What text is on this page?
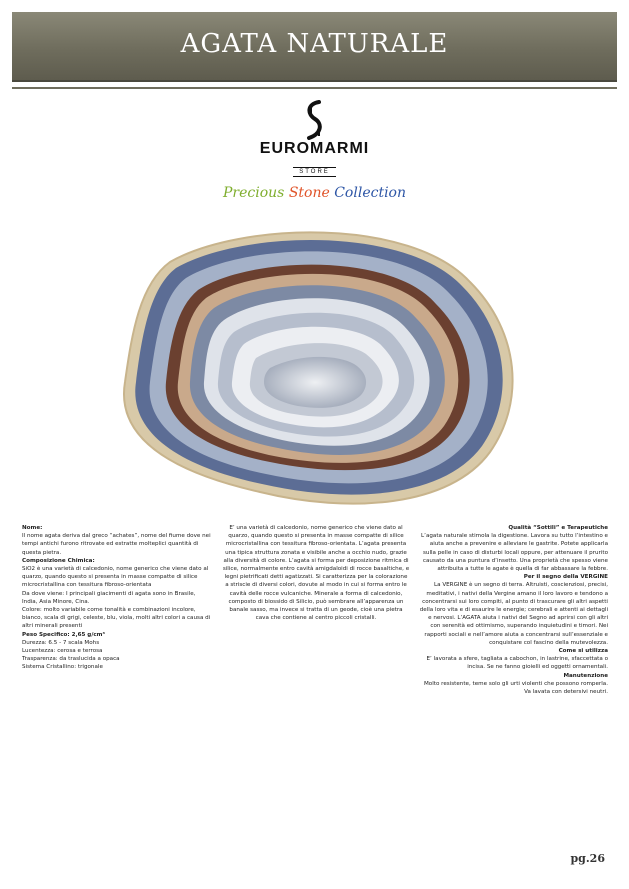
AGATA NATURALE
EUROMARMI
STORE
Precious Stone Collection

Nome:

Il nome agata deriva dal greco “achates”, nome del fiume dove nei tempi antichi furono ritrovate ed estratte molteplici quantità di questa pietra.

Composizione Chimica:

SiO2 è una varietà di calcedonio, nome generico che viene dato al quarzo, quando questo si presenta in masse compatte di silice microcristallina con tessitura fibroso-orientata

Da dove viene: I principali giacimenti di agata sono in Brasile, India, Asia Minore, Cina.

Colore: molto variabile come tonalità e combinazioni incolore, bianco, scala di grigi, celeste, blu, viola, molti altri colori a causa di altri minerali presenti

Peso Specifico: 2,65 g/cm³

Durezza: 6.5 - 7 scala Mohs

Lucentezza: cerosa e terrosa

Trasparenza: da traslucida a opaca

Sistema Cristallino: trigonale

E’ una varietà di calcedonio, nome generico che viene dato al quarzo, quando questo si presenta in masse compatte di silice microcristallina con tessitura fibroso-orientata. L’agata presenta una tipica struttura zonata e visibile anche a occhio nudo, grazie alla diversità di colore. L’agata si forma per deposizione ritmica di silice, normalmente entro cavità amigdaloidi di rocce basaltiche, e legni pietrificati detti agatizzati. Si caratterizza per la colorazione a striscie di diversi colori, dovute al modo in cui si forma entro le cavità delle rocce vulcaniche. Minerale a forma di calcedonio, composto di biossido di Silicio, può sembrare all’apparenza un banale sasso, ma invece si tratta di un geode, cioè una pietra cava che contiene al centro piccoli cristalli.

Qualità “Sottili” e Terapeutiche

L’agata naturale stimola la digestione. Lavora su tutto l’intestino e aiuta anche a prevenire e alleviare le gastrite. Potete applicarla sulla pelle in caso di disturbi locali oppure, per attenuare il prurito causato da una puntura d’insetto. Una proprietà che spesso viene attribuita a tutte le agate è quella di far abbassare la febbre.

Per il segno della VERGINE

La VERGINE è un segno di terra. Altruisti, coscienziosi, precisi, meditativi, i nativi della Vergine amano il loro lavoro e tendono a concentrarsi sui loro compiti, al punto di trascurare gli altri aspetti della loro vita e di esaurire le energie; cerebrali e attenti ai dettagli e nervosi. L’AGATA aiuta i nativi del Segno ad aprirsi con gli altri con serenità ed ottimismo, superando inquietudini e timori. Nei rapporti sociali e nell’amore aiuta a concentrarsi sull’essenziale e conquistare col fascino della mutevolezza.

Come si utilizza

E’ lavorata a sfere, tagliata a cabochon, in lastrine, sfaccettata o incisa. Se ne fanno gioielli ed oggetti ornamentali.

Manutenzione

Molto resistente, teme solo gli urti violenti che possono romperla. Va lavata con detersivi neutri.

pg.26
